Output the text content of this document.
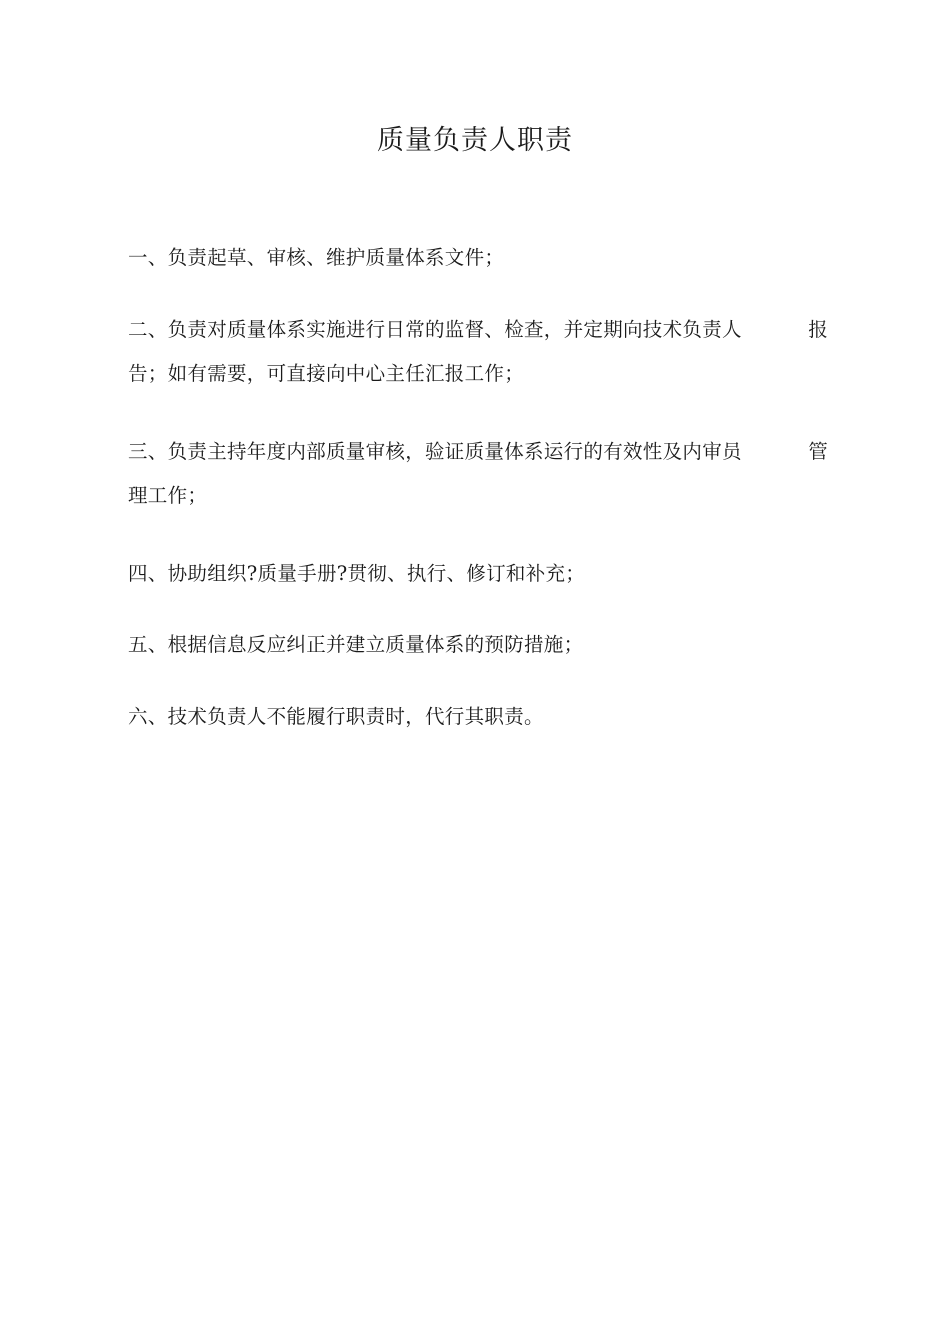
质量负责人职责

一、负责起草、审核、维护质量体系文件；

二、负责对质量体系实施进行日常的监督、检查，并定期向技术负责人	报
告；如有需要，可直接向中心主任汇报工作；

三、负责主持年度内部质量审核，验证质量体系运行的有效性及内审员	管
理工作；

四、协助组织?质量手册?贯彻、执行、修订和补充；

五、根据信息反应纠正并建立质量体系的预防措施；

六、技术负责人不能履行职责时，代行其职责。
